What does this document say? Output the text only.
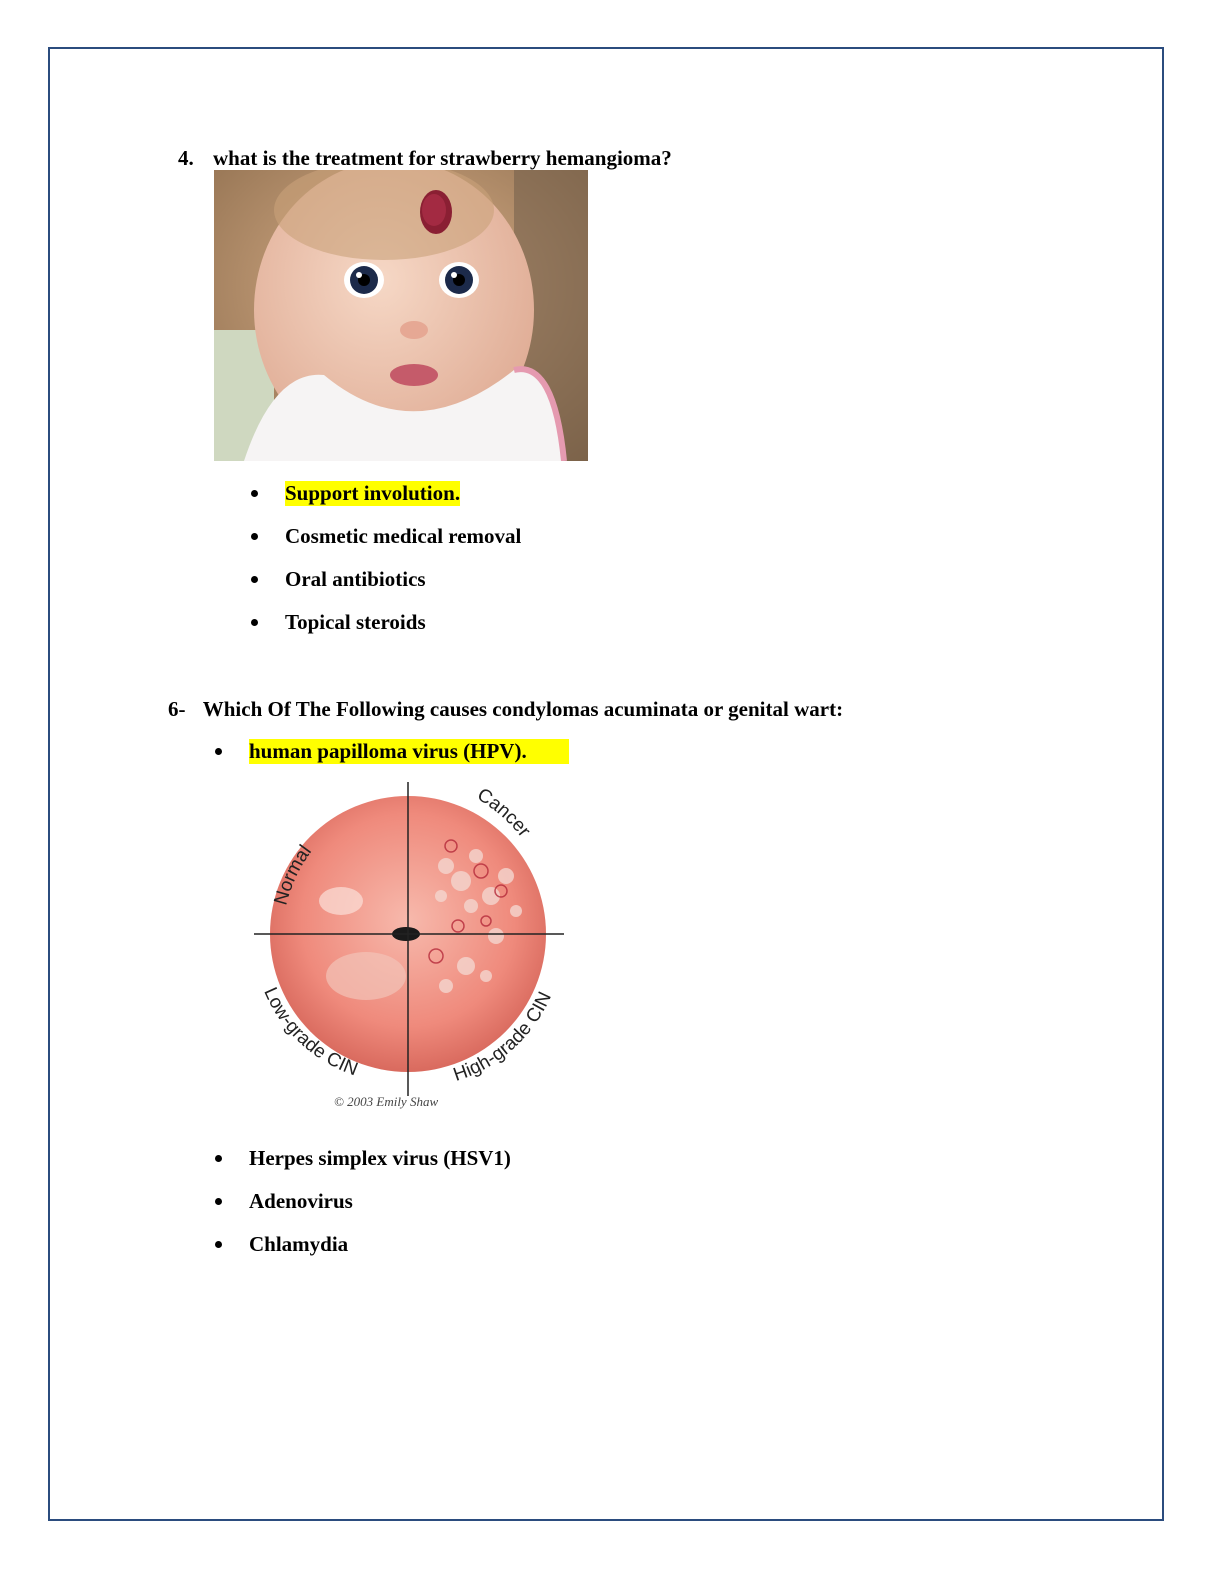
4. what is the treatment for strawberry hemangioma?
Support involution.
Cosmetic medical removal
Oral antibiotics
Topical steroids
6- Which Of The Following causes condylomas acuminata or genital wart:
human papilloma virus (HPV).
Normal
Cancer
Low-grade CIN	High-grade CIN
© 2003 Emily Shaw
Herpes simplex virus (HSV1)
Adenovirus
Chlamydia
